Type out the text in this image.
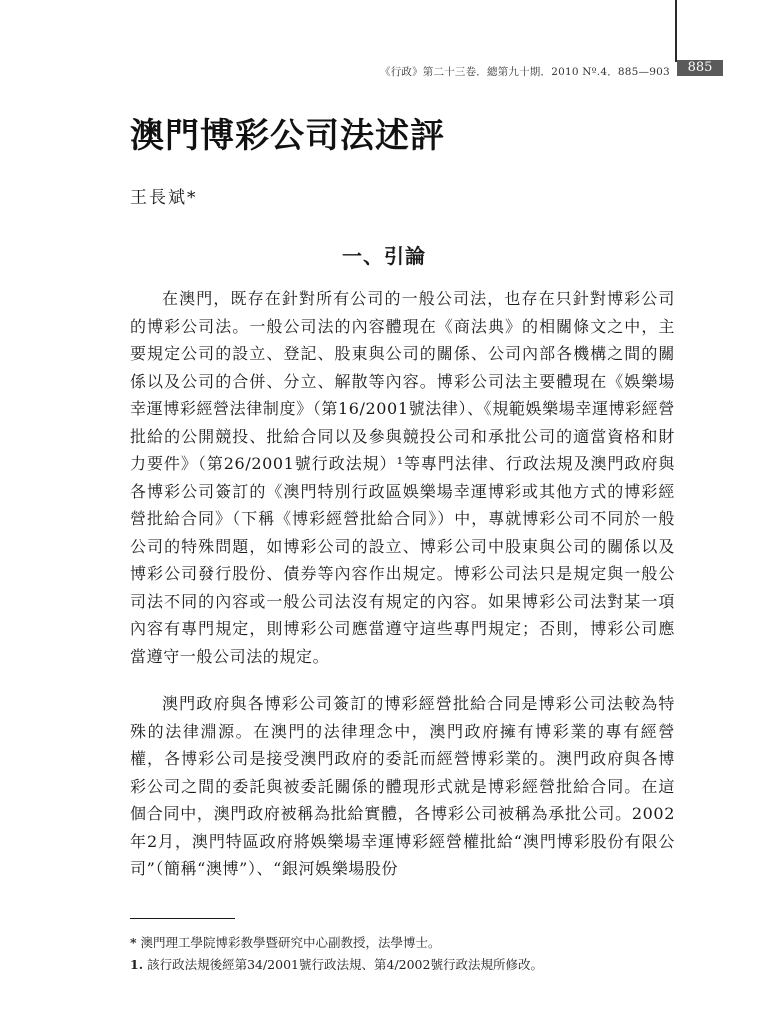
《行政》第二十三卷．總第九十期．2010 Nº.4．885—903	885
澳門博彩公司法述評
王長斌*
一、引論

在澳門，既存在針對所有公司的一般公司法，也存在只針對博彩公司的博彩公司法。一般公司法的內容體現在《商法典》的相關條文之中，主要規定公司的設立、登記、股東與公司的關係、公司內部各機構之間的關係以及公司的合併、分立、解散等內容。博彩公司法主要體現在《娛樂場幸運博彩經營法律制度》（第16/2001號法律）、《規範娛樂場幸運博彩經營批給的公開競投、批給合同以及參與競投公司和承批公司的適當資格和財力要件》（第26/2001號行政法規）¹等專門法律、行政法規及澳門政府與各博彩公司簽訂的《澳門特別行政區娛樂場幸運博彩或其他方式的博彩經營批給合同》（下稱《博彩經營批給合同》）中，專就博彩公司不同於一般公司的特殊問題，如博彩公司的設立、博彩公司中股東與公司的關係以及博彩公司發行股份、債券等內容作出規定。博彩公司法只是規定與一般公司法不同的內容或一般公司法沒有規定的內容。如果博彩公司法對某一項內容有專門規定，則博彩公司應當遵守這些專門規定；否則，博彩公司應當遵守一般公司法的規定。

澳門政府與各博彩公司簽訂的博彩經營批給合同是博彩公司法較為特殊的法律淵源。在澳門的法律理念中，澳門政府擁有博彩業的專有經營權，各博彩公司是接受澳門政府的委託而經營博彩業的。澳門政府與各博彩公司之間的委託與被委託關係的體現形式就是博彩經營批給合同。在這個合同中，澳門政府被稱為批給實體，各博彩公司被稱為承批公司。2002年2月，澳門特區政府將娛樂場幸運博彩經營權批給“澳門博彩股份有限公司”（簡稱“澳博”）、“銀河娛樂場股份

* 澳門理工學院博彩教學暨研究中心副教授，法學博士。
1. 該行政法規後經第34/2001號行政法規、第4/2002號行政法規所修改。
